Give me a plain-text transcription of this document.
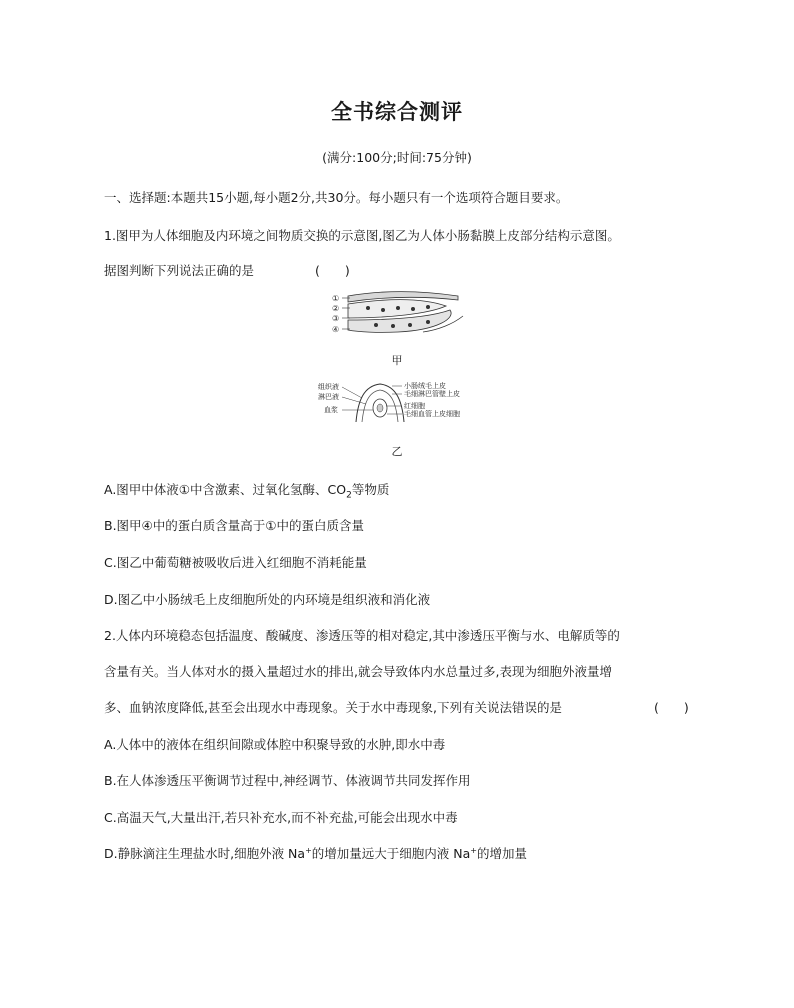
全书综合测评
(满分:100分;时间:75分钟)
一、选择题:本题共15小题,每小题2分,共30分。每小题只有一个选项符合题目要求。
1.图甲为人体细胞及内环境之间物质交换的示意图,图乙为人体小肠黏膜上皮部分结构示意图。
据图判断下列说法正确的是	(　　)
①
②
③
④
甲
组织液
淋巴液
血浆
小肠绒毛上皮
毛细淋巴管壁上皮
红细胞
毛细血管上皮细胞
乙
A.图甲中体液①中含激素、过氧化氢酶、$CO_2$等物质
B.图甲④中的蛋白质含量高于①中的蛋白质含量
C.图乙中葡萄糖被吸收后进入红细胞不消耗能量
D.图乙中小肠绒毛上皮细胞所处的内环境是组织液和消化液
2.人体内环境稳态包括温度、酸碱度、渗透压等的相对稳定,其中渗透压平衡与水、电解质等的
含量有关。当人体对水的摄入量超过水的排出,就会导致体内水总量过多,表现为细胞外液量增
多、血钠浓度降低,甚至会出现水中毒现象。关于水中毒现象,下列有关说法错误的是	(　　)
A.人体中的液体在组织间隙或体腔中积聚导致的水肿,即水中毒
B.在人体渗透压平衡调节过程中,神经调节、体液调节共同发挥作用
C.高温天气,大量出汗,若只补充水,而不补充盐,可能会出现水中毒
D.静脉滴注生理盐水时,细胞外液 Na+的增加量远大于细胞内液 Na+的增加量
